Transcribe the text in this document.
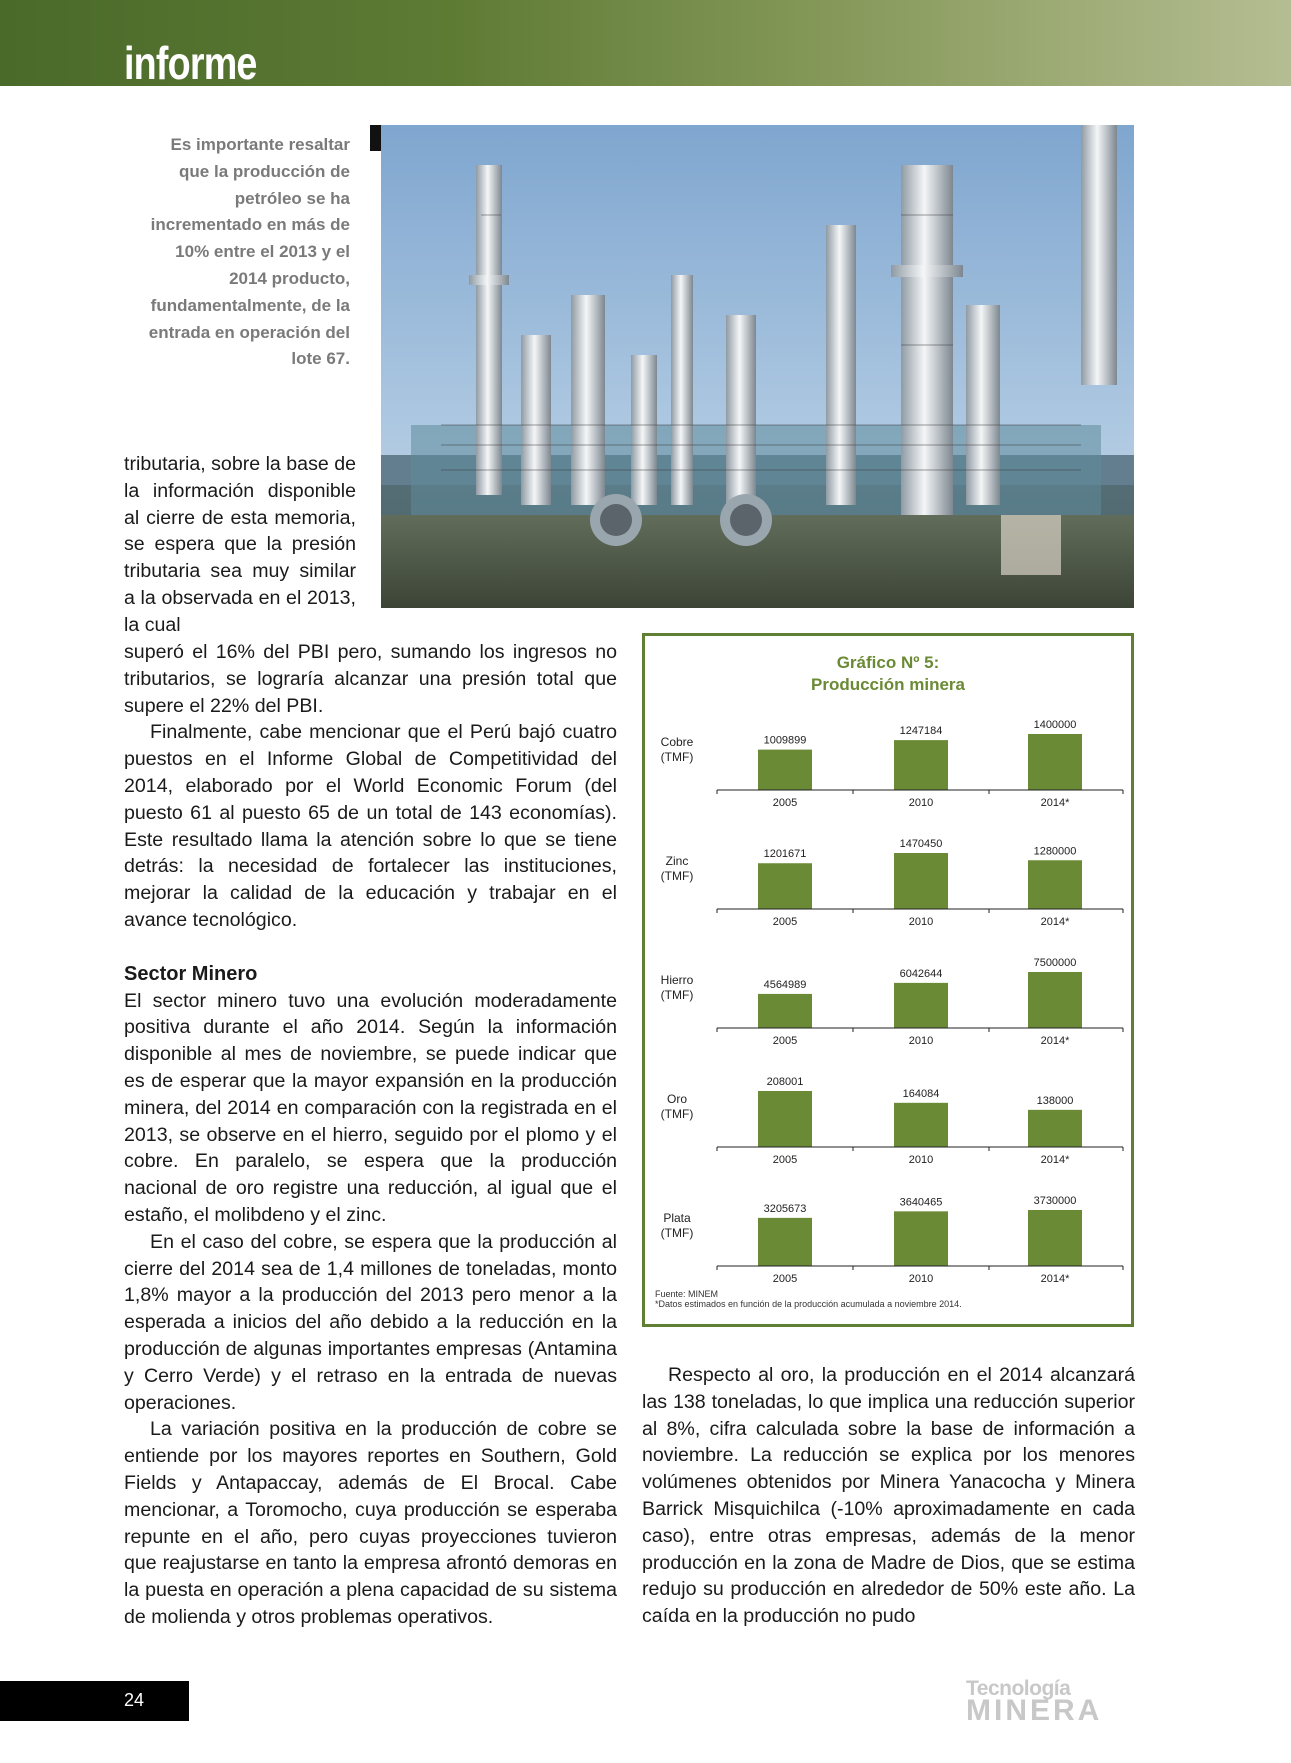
informe
Es importante resaltar que la producción de petróleo se ha incrementado en más de 10% entre el 2013 y el 2014 producto, fundamentalmente, de la entrada en operación del lote 67.

tributaria, sobre la base de la información disponible al cierre de esta memoria, se espera que la presión tributaria sea muy similar a la observada en el 2013, la cual

superó el 16% del PBI pero, sumando los ingresos no tributarios, se lograría alcanzar una presión total que supere el 22% del PBI.

Finalmente, cabe mencionar que el Perú bajó cuatro puestos en el Informe Global de Competitividad del 2014, elaborado por el World Economic Forum (del puesto 61 al puesto 65 de un total de 143 economías). Este resultado llama la atención sobre lo que se tiene detrás: la necesidad de fortalecer las instituciones, mejorar la calidad de la educación y trabajar en el avance tecnológico.

Sector Minero

El sector minero tuvo una evolución moderadamente positiva durante el año 2014. Según la información disponible al mes de noviembre, se puede indicar que es de esperar que la mayor expansión en la producción minera, del 2014 en comparación con la registrada en el 2013, se observe en el hierro, seguido por el plomo y el cobre. En paralelo, se espera que la producción nacional de oro registre una reducción, al igual que el estaño, el molibdeno y el zinc.

En el caso del cobre, se espera que la producción al cierre del 2014 sea de 1,4 millones de toneladas, monto 1,8% mayor a la producción del 2013 pero menor a la esperada a inicios del año debido a la reducción en la producción de algunas importantes empresas (Antamina y Cerro Verde) y el retraso en la entrada de nuevas operaciones.

La variación positiva en la producción de cobre se entiende por los mayores reportes en Southern, Gold Fields y Antapaccay, además de El Brocal. Cabe mencionar, a Toromocho, cuya producción se esperaba repunte en el año, pero cuyas proyecciones tuvieron que reajustarse en tanto la empresa afrontó demoras en la puesta en operación a plena capacidad de su sistema de molienda y otros problemas operativos.

Respecto al oro, la producción en el 2014 alcanzará las 138 toneladas, lo que implica una reducción superior al 8%, cifra calculada sobre la base de información a noviembre. La reducción se explica por los menores volúmenes obtenidos por Minera Yanacocha y Minera Barrick Misquichilca (-10% aproximadamente en cada caso), entre otras empresas, además de la menor producción en la zona de Madre de Dios, que se estima redujo su producción en alrededor de 50% este año. La caída en la producción no pudo

Gráfico Nº 5:
Producción minera
Cobre
(TMF)
1009899
2005
1247184
2010
1400000
2014*
Zinc
(TMF)
1201671
2005
1470450
2010
1280000
2014*
Hierro
(TMF)
4564989
2005
6042644
2010
7500000
2014*
Oro
(TMF)
208001
2005
164084
2010
138000
2014*
Plata
(TMF)
3205673
2005
3640465
2010
3730000
2014*
Fuente: MINEM
*Datos estimados en función de la producción acumulada a noviembre 2014.
24	Tecnología
MINERA
